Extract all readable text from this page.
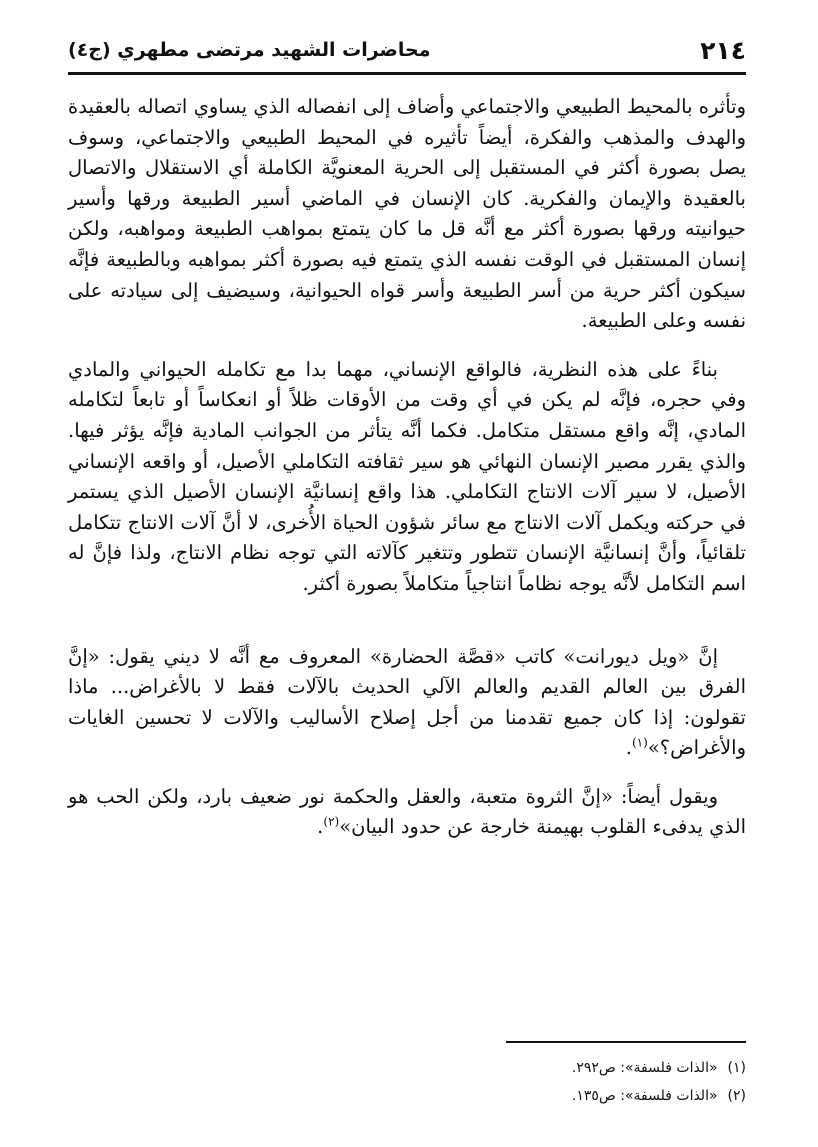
٢١٤
محاضرات الشهيد مرتضى مطهري (ج٤)

وتأثره بالمحيط الطبيعي والاجتماعي وأضاف إلى انفصاله الذي يساوي اتصاله بالعقيدة والهدف والمذهب والفكرة، أيضاً تأثيره في المحيط الطبيعي والاجتماعي، وسوف يصل بصورة أكثر في المستقبل إلى الحرية المعنويَّة الكاملة أي الاستقلال والاتصال بالعقيدة والإيمان والفكرية. كان الإنسان في الماضي أسير الطبيعة ورقها وأسير حيوانيته ورقها بصورة أكثر مع أنَّه قل ما كان يتمتع بمواهب الطبيعة ومواهبه، ولكن إنسان المستقبل في الوقت نفسه الذي يتمتع فيه بصورة أكثر بمواهبه وبالطبيعة فإنَّه سيكون أكثر حرية من أسر الطبيعة وأسر قواه الحيوانية، وسيضيف إلى سيادته على نفسه وعلى الطبيعة.

بناءً على هذه النظرية، فالواقع الإنساني، مهما بدا مع تكامله الحيواني والمادي وفي حجره، فإنَّه لم يكن في أي وقت من الأوقات ظلاً أو انعكاساً أو تابعاً لتكامله المادي، إنَّه واقع مستقل متكامل. فكما أنَّه يتأثر من الجوانب المادية فإنَّه يؤثر فيها. والذي يقرر مصير الإنسان النهائي هو سير ثقافته التكاملي الأصيل، أو واقعه الإنساني الأصيل، لا سير آلات الانتاج التكاملي. هذا واقع إنسانيَّة الإنسان الأصيل الذي يستمر في حركته ويكمل آلات الانتاج مع سائر شؤون الحياة الأُخرى، لا أنَّ آلات الانتاج تتكامل تلقائياً، وأنَّ إنسانيَّة الإنسان تتطور وتتغير كآلاته التي توجه نظام الانتاج، ولذا فإنَّ له اسم التكامل لأنَّه يوجه نظاماً انتاجياً متكاملاً بصورة أكثر.

إنَّ «ويل ديورانت» كاتب «قصَّة الحضارة» المعروف مع أنَّه لا ديني يقول: «إنَّ الفرق بين العالم القديم والعالم الآلي الحديث بالآلات فقط لا بالأغراض... ماذا تقولون: إذا كان جميع تقدمنا من أجل إصلاح الأساليب والآلات لا تحسين الغايات والأغراض؟»$^{(١)}$.

ويقول أيضاً: «إنَّ الثروة متعبة، والعقل والحكمة نور ضعيف بارد، ولكن الحب هو الذي يدفىء القلوب بهيمنة خارجة عن حدود البيان»$^{(٢)}$.

(١)
«الذات فلسفة»: ص٢٩٢.
(٢)
«الذات فلسفة»: ص١٣٥.
